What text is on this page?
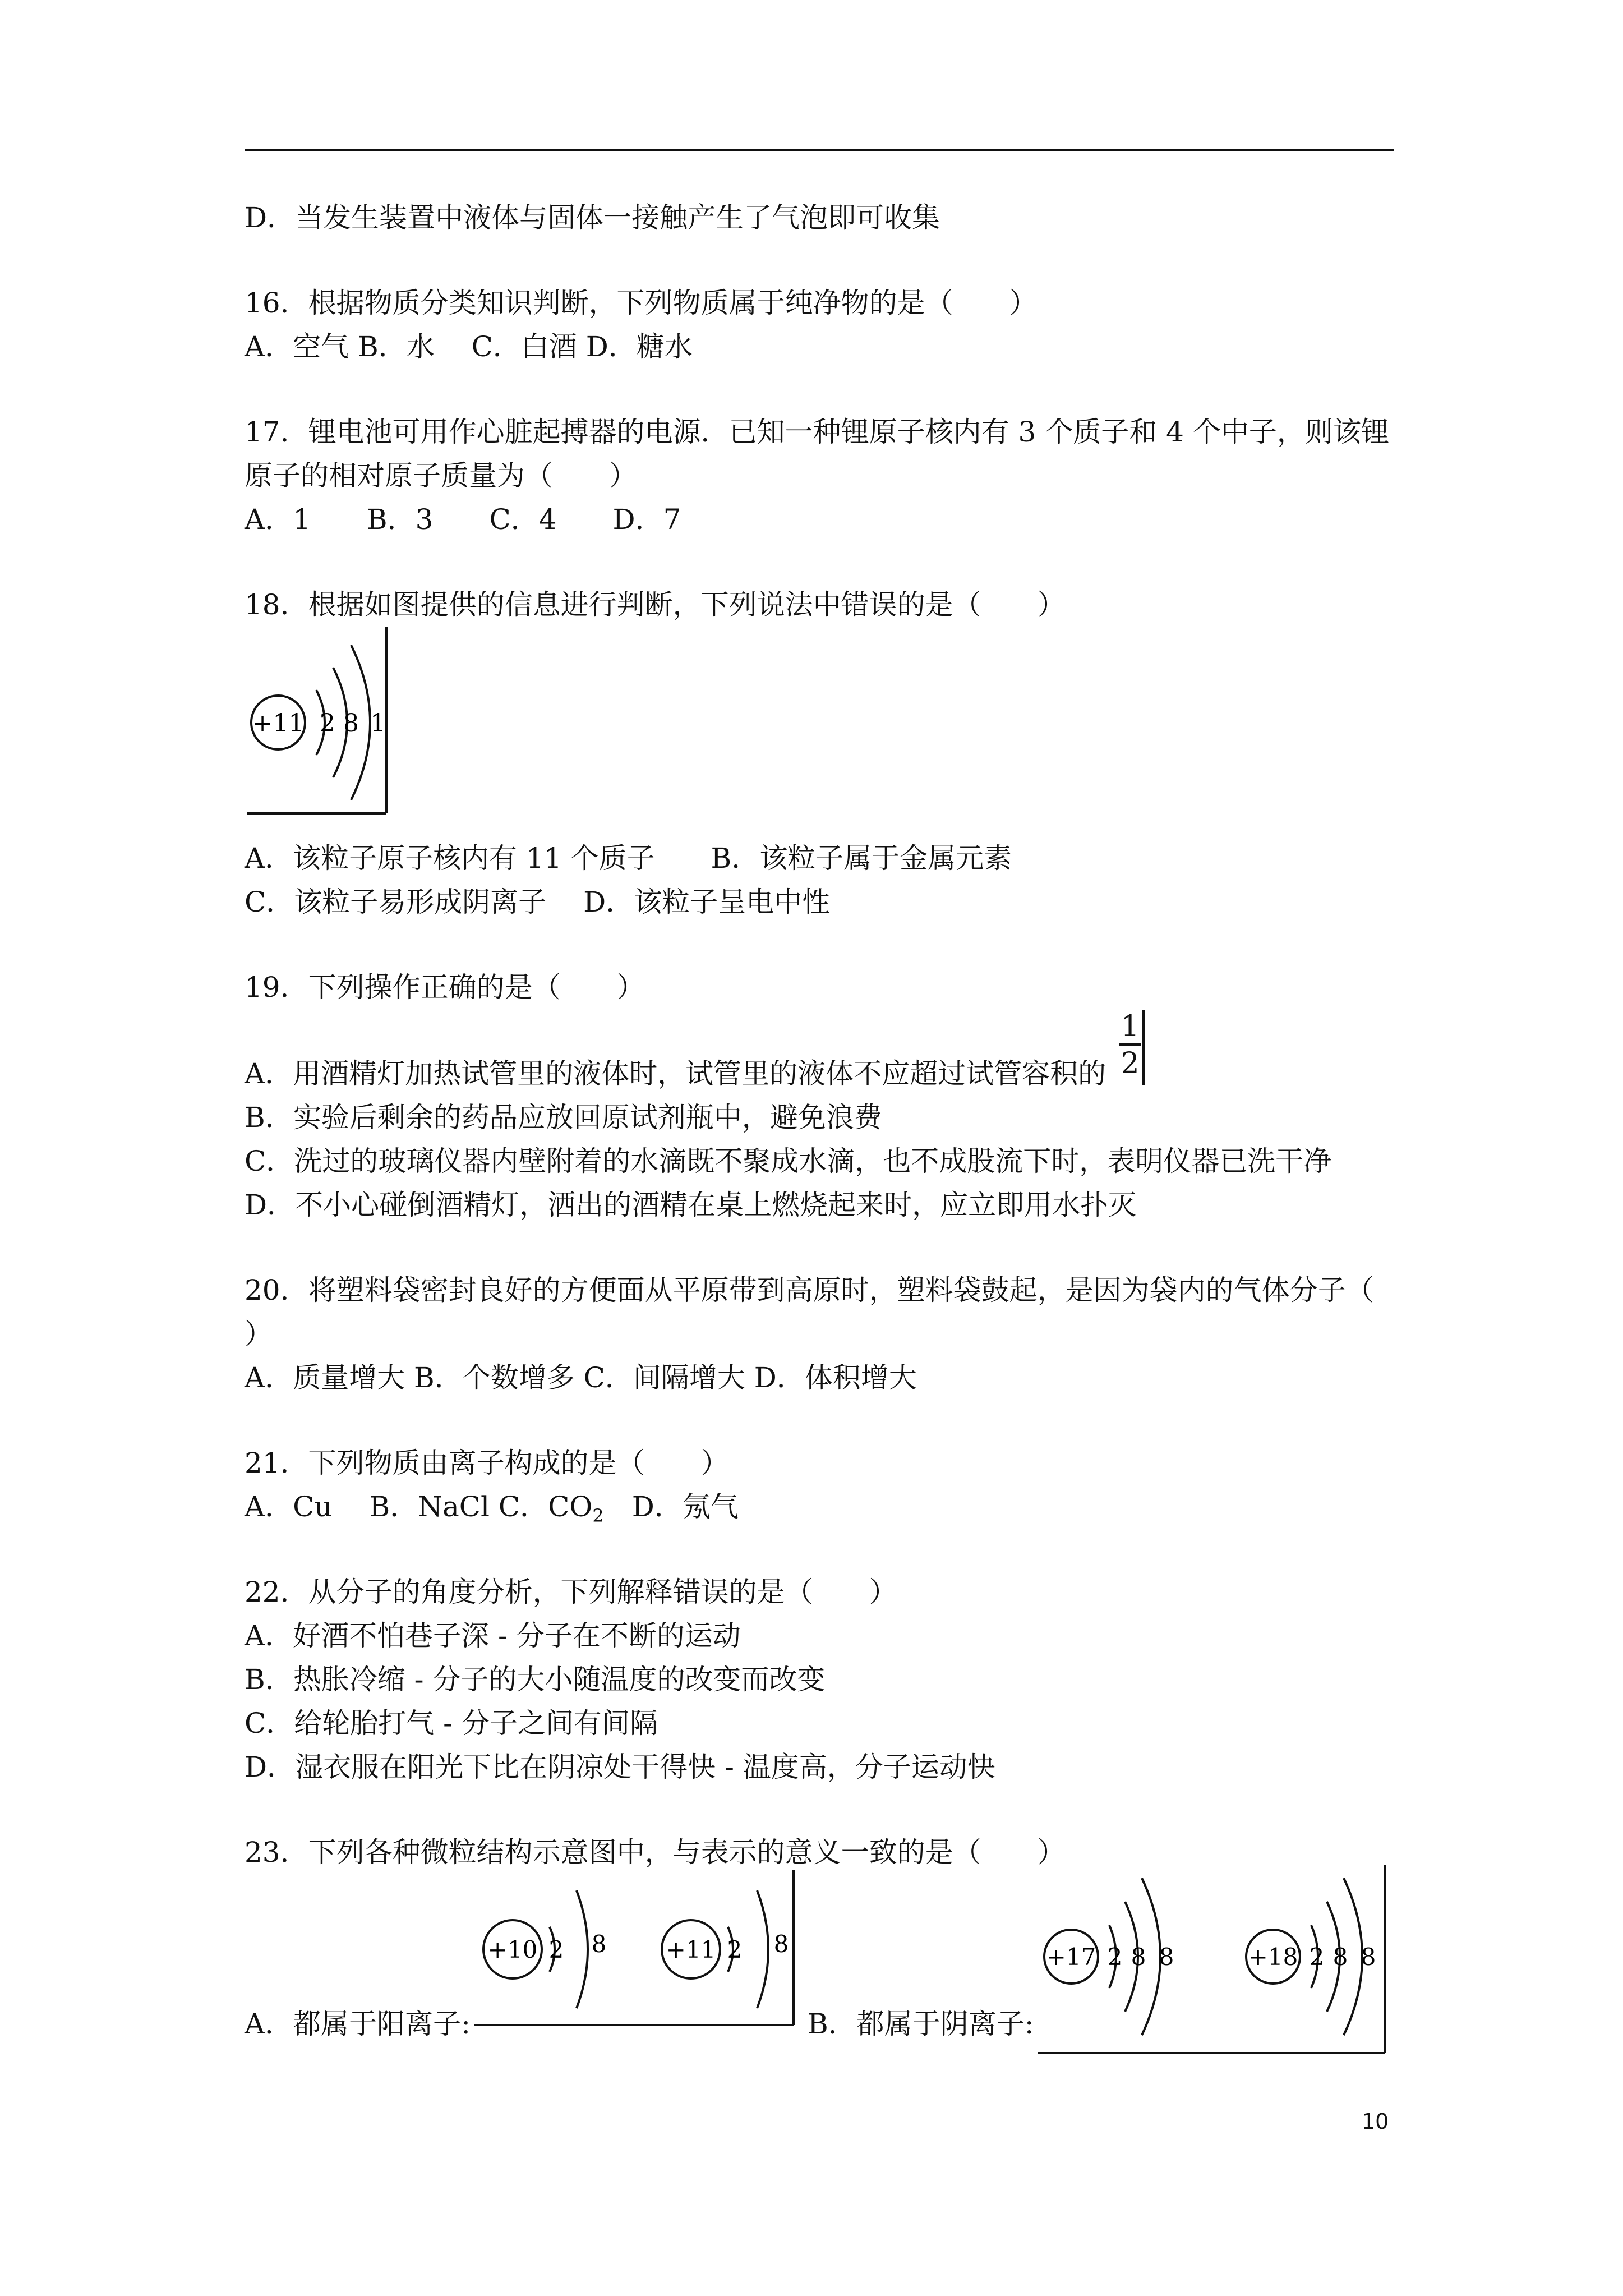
D．当发生装置中液体与固体一接触产生了气泡即可收集
16．根据物质分类知识判断，下列物质属于纯净物的是（　　）
A．空气 B．水　 C．白酒 D．糖水
17．锂电池可用作心脏起搏器的电源．已知一种锂原子核内有 3 个质子和 4 个中子，则该锂
原子的相对原子质量为（　　）
A．1　　B．3　　C．4　　D．7
18．根据如图提供的信息进行判断，下列说法中错误的是（　　）
+11 2 8 1
A．该粒子原子核内有 11 个质子　　B．该粒子属于金属元素
C．该粒子易形成阴离子　 D．该粒子呈电中性
19．下列操作正确的是（　　）
A．用酒精灯加热试管里的液体时，试管里的液体不应超过试管容积的
1
2
B．实验后剩余的药品应放回原试剂瓶中，避免浪费
C．洗过的玻璃仪器内壁附着的水滴既不聚成水滴，也不成股流下时，表明仪器已洗干净
D．不小心碰倒酒精灯，洒出的酒精在桌上燃烧起来时，应立即用水扑灭
20．将塑料袋密封良好的方便面从平原带到高原时，塑料袋鼓起，是因为袋内的气体分子（
）
A．质量增大 B．个数增多 C．间隔增大 D．体积增大
21．下列物质由离子构成的是（　　）
A．Cu　 B．NaCl C．$CO_2$　D．氖气
22．从分子的角度分析，下列解释错误的是（　　）
A．好酒不怕巷子深 - 分子在不断的运动
B．热胀冷缩 - 分子的大小随温度的改变而改变
C．给轮胎打气 - 分子之间有间隔
D．湿衣服在阳光下比在阴凉处干得快 - 温度高，分子运动快
23．下列各种微粒结构示意图中，与表示的意义一致的是（　　）
+10 2 8	+11 2 8	+17 2 8 8	+18 2 8 8
A．都属于阳离子:	B．都属于阴离子:
10
